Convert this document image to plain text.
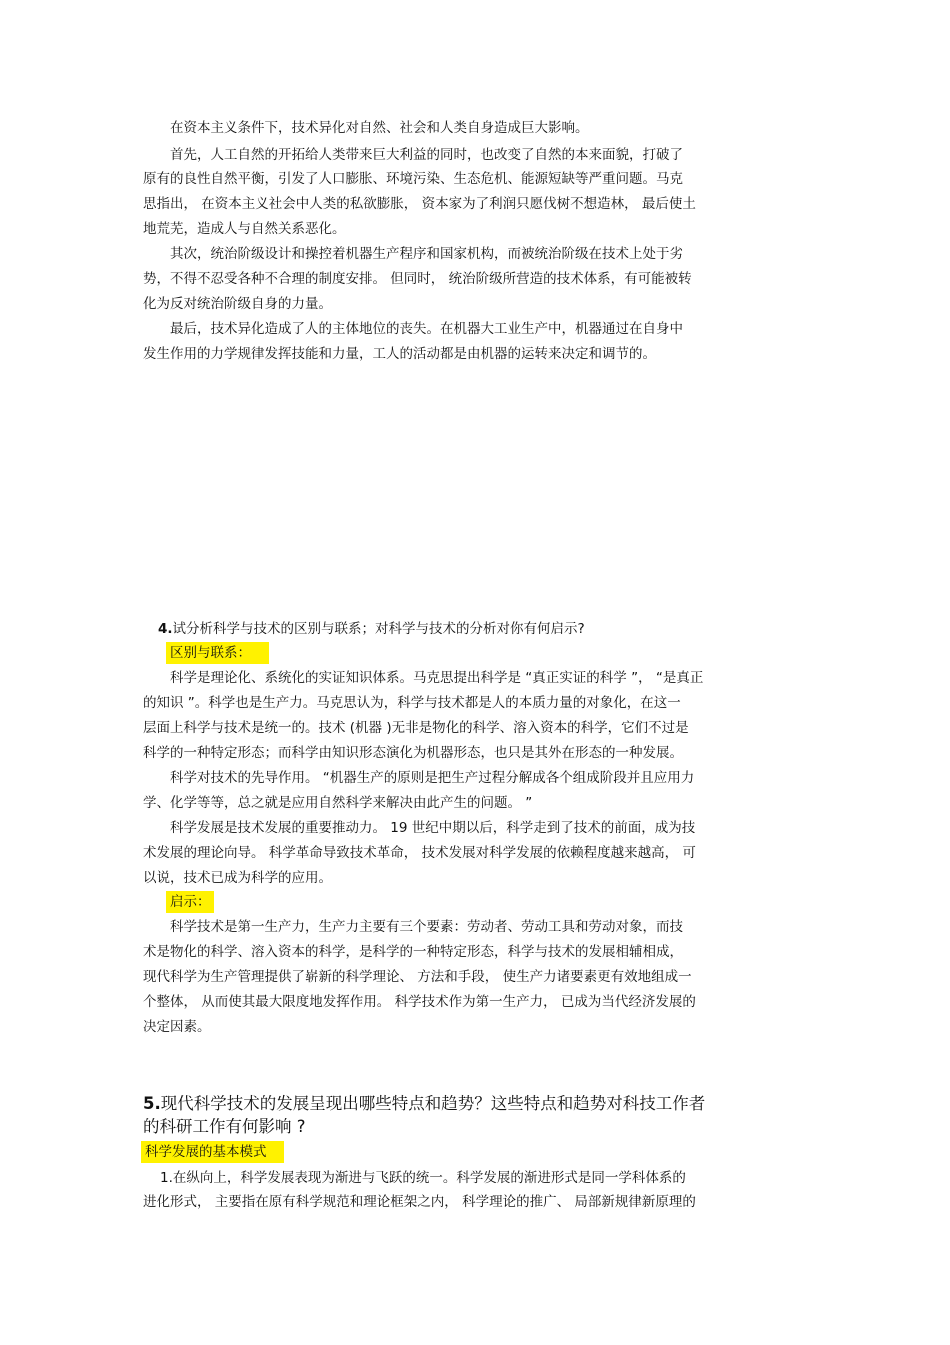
在资本主义条件下，技术异化对自然、社会和人类自身造成巨大影响。
首先，人工自然的开拓给人类带来巨大利益的同时，也改变了自然的本来面貌，打破了
原有的良性自然平衡，引发了人口膨胀、环境污染、生态危机、能源短缺等严重问题。马克
思指出， 在资本主义社会中人类的私欲膨胀， 资本家为了利润只愿伐树不想造林， 最后使土
地荒芜，造成人与自然关系恶化。
其次，统治阶级设计和操控着机器生产程序和国家机构，而被统治阶级在技术上处于劣
势，不得不忍受各种不合理的制度安排。 但同时， 统治阶级所营造的技术体系，有可能被转
化为反对统治阶级自身的力量。
最后，技术异化造成了人的主体地位的丧失。在机器大工业生产中，机器通过在自身中
发生作用的力学规律发挥技能和力量，工人的活动都是由机器的运转来决定和调节的。
4.试分析科学与技术的区别与联系；对科学与技术的分析对你有何启示?
区别与联系：
科学是理论化、系统化的实证知识体系。马克思提出科学是 “真正实证的科学 ”， “是真正
的知识 ”。科学也是生产力。马克思认为，科学与技术都是人的本质力量的对象化，在这一
层面上科学与技术是统一的。技术 (机器 )无非是物化的科学、溶入资本的科学，它们不过是
科学的一种特定形态；而科学由知识形态演化为机器形态，也只是其外在形态的一种发展。
科学对技术的先导作用。 “机器生产的原则是把生产过程分解成各个组成阶段并且应用力
学、化学等等，总之就是应用自然科学来解决由此产生的问题。 ”
科学发展是技术发展的重要推动力。 19 世纪中期以后，科学走到了技术的前面，成为技
术发展的理论向导。 科学革命导致技术革命， 技术发展对科学发展的依赖程度越来越高， 可
以说，技术已成为科学的应用。
启示：
科学技术是第一生产力，生产力主要有三个要素：劳动者、劳动工具和劳动对象，而技
术是物化的科学、溶入资本的科学，是科学的一种特定形态，科学与技术的发展相辅相成，
现代科学为生产管理提供了崭新的科学理论、 方法和手段， 使生产力诸要素更有效地组成一
个整体， 从而使其最大限度地发挥作用。 科学技术作为第一生产力， 已成为当代经济发展的
决定因素。
5.现代科学技术的发展呈现出哪些特点和趋势？这些特点和趋势对科技工作者
的科研工作有何影响 ?
科学发展的基本模式
1.在纵向上，科学发展表现为渐进与飞跃的统一。科学发展的渐进形式是同一学科体系的
进化形式， 主要指在原有科学规范和理论框架之内， 科学理论的推广、 局部新规律新原理的
